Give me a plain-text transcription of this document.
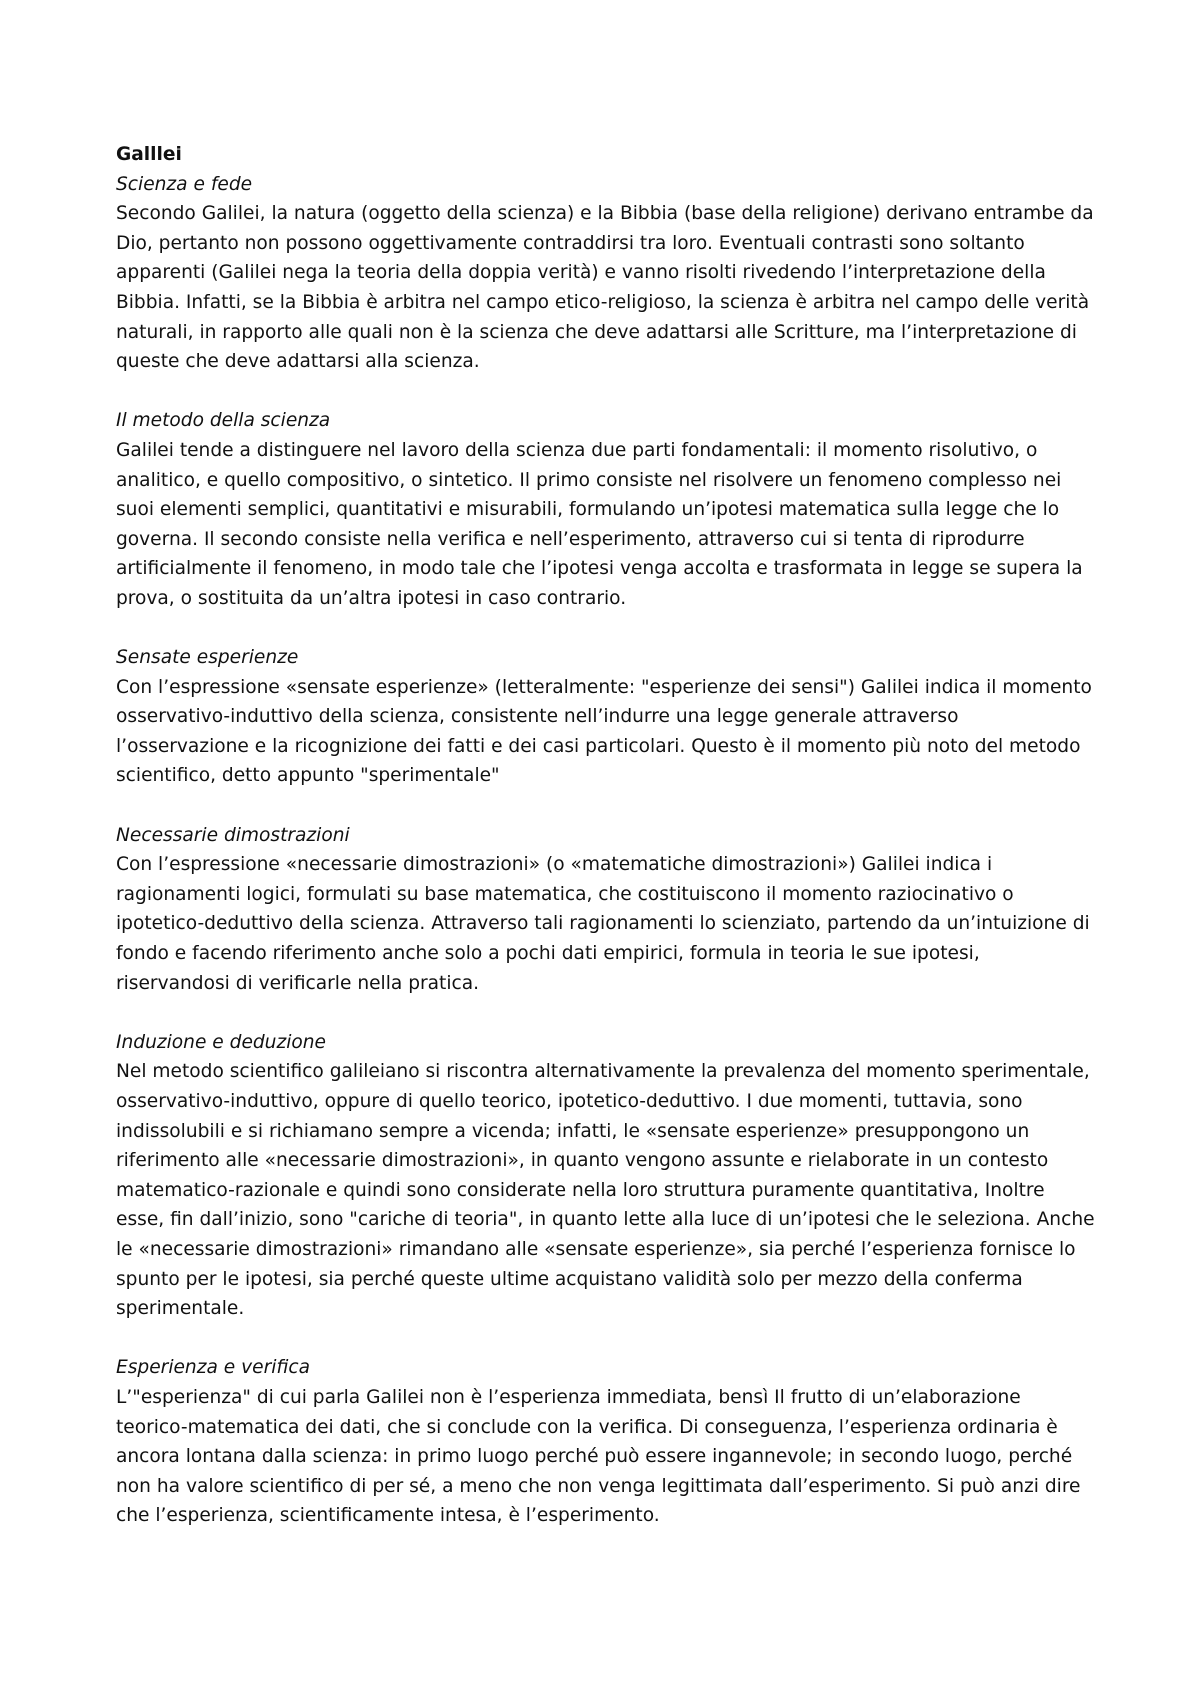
Galllei

Scienza e fede

Secondo Galilei, la natura (oggetto della scienza) e la Bibbia (base della religione) derivano entrambe da Dio, pertanto non possono oggettivamente contraddirsi tra loro. Eventuali contrasti sono soltanto apparenti (Galilei nega la teoria della doppia verità) e vanno risolti rivedendo l’interpretazione della Bibbia. Infatti, se la Bibbia è arbitra nel campo etico-religioso, la scienza è arbitra nel campo delle verità naturali, in rapporto alle quali non è la scienza che deve adattarsi alle Scritture, ma l’interpretazione di queste che deve adattarsi alla scienza.

Il metodo della scienza

Galilei tende a distinguere nel lavoro della scienza due parti fondamentali: il momento risolutivo, o analitico, e quello compositivo, o sintetico. Il primo consiste nel risolvere un fenomeno complesso nei suoi elementi semplici, quantitativi e misurabili, formulando un’ipotesi matematica sulla legge che lo governa. Il secondo consiste nella verifica e nell’esperimento, attraverso cui si tenta di riprodurre artificialmente il fenomeno, in modo tale che l’ipotesi venga accolta e trasformata in legge se supera la prova, o sostituita da un’altra ipotesi in caso contrario.

Sensate esperienze

Con l’espressione «sensate esperienze» (letteralmente: "esperienze dei sensi") Galilei indica il momento osservativo-induttivo della scienza, consistente nell’indurre una legge generale attraverso l’osservazione e la ricognizione dei fatti e dei casi particolari. Questo è il momento più noto del metodo scientifico, detto appunto "sperimentale"

Necessarie dimostrazioni

Con l’espressione «necessarie dimostrazioni» (o «matematiche dimostrazioni») Galilei indica i ragionamenti logici, formulati su base matematica, che costituiscono il momento raziocinativo o ipotetico-deduttivo della scienza. Attraverso tali ragionamenti lo scienziato, partendo da un’intuizione di fondo e facendo riferimento anche solo a pochi dati empirici, formula in teoria le sue ipotesi, riservandosi di verificarle nella pratica.

Induzione e deduzione

Nel metodo scientifico galileiano si riscontra alternativamente la prevalenza del momento sperimentale, osservativo-induttivo, oppure di quello teorico, ipotetico-deduttivo. I due momenti, tuttavia, sono indissolubili e si richiamano sempre a vicenda; infatti, le «sensate esperienze» presuppongono un riferimento alle «necessarie dimostrazioni», in quanto vengono assunte e rielaborate in un contesto matematico-razionale e quindi sono considerate nella loro struttura puramente quantitativa, Inoltre esse, fin dall’inizio, sono "cariche di teoria", in quanto lette alla luce di un’ipotesi che le seleziona. Anche le «necessarie dimostrazioni» rimandano alle «sensate esperienze», sia perché l’esperienza fornisce lo spunto per le ipotesi, sia perché queste ultime acquistano validità solo per mezzo della conferma sperimentale.

Esperienza e verifica

L’"esperienza" di cui parla Galilei non è l’esperienza immediata, bensì Il frutto di un’elaborazione teorico-matematica dei dati, che si conclude con la verifica. Di conseguenza, l’esperienza ordinaria è ancora lontana dalla scienza: in primo luogo perché può essere ingannevole; in secondo luogo, perché non ha valore scientifico di per sé, a meno che non venga legittimata dall’esperimento. Si può anzi dire che l’esperienza, scientificamente intesa, è l’esperimento.
